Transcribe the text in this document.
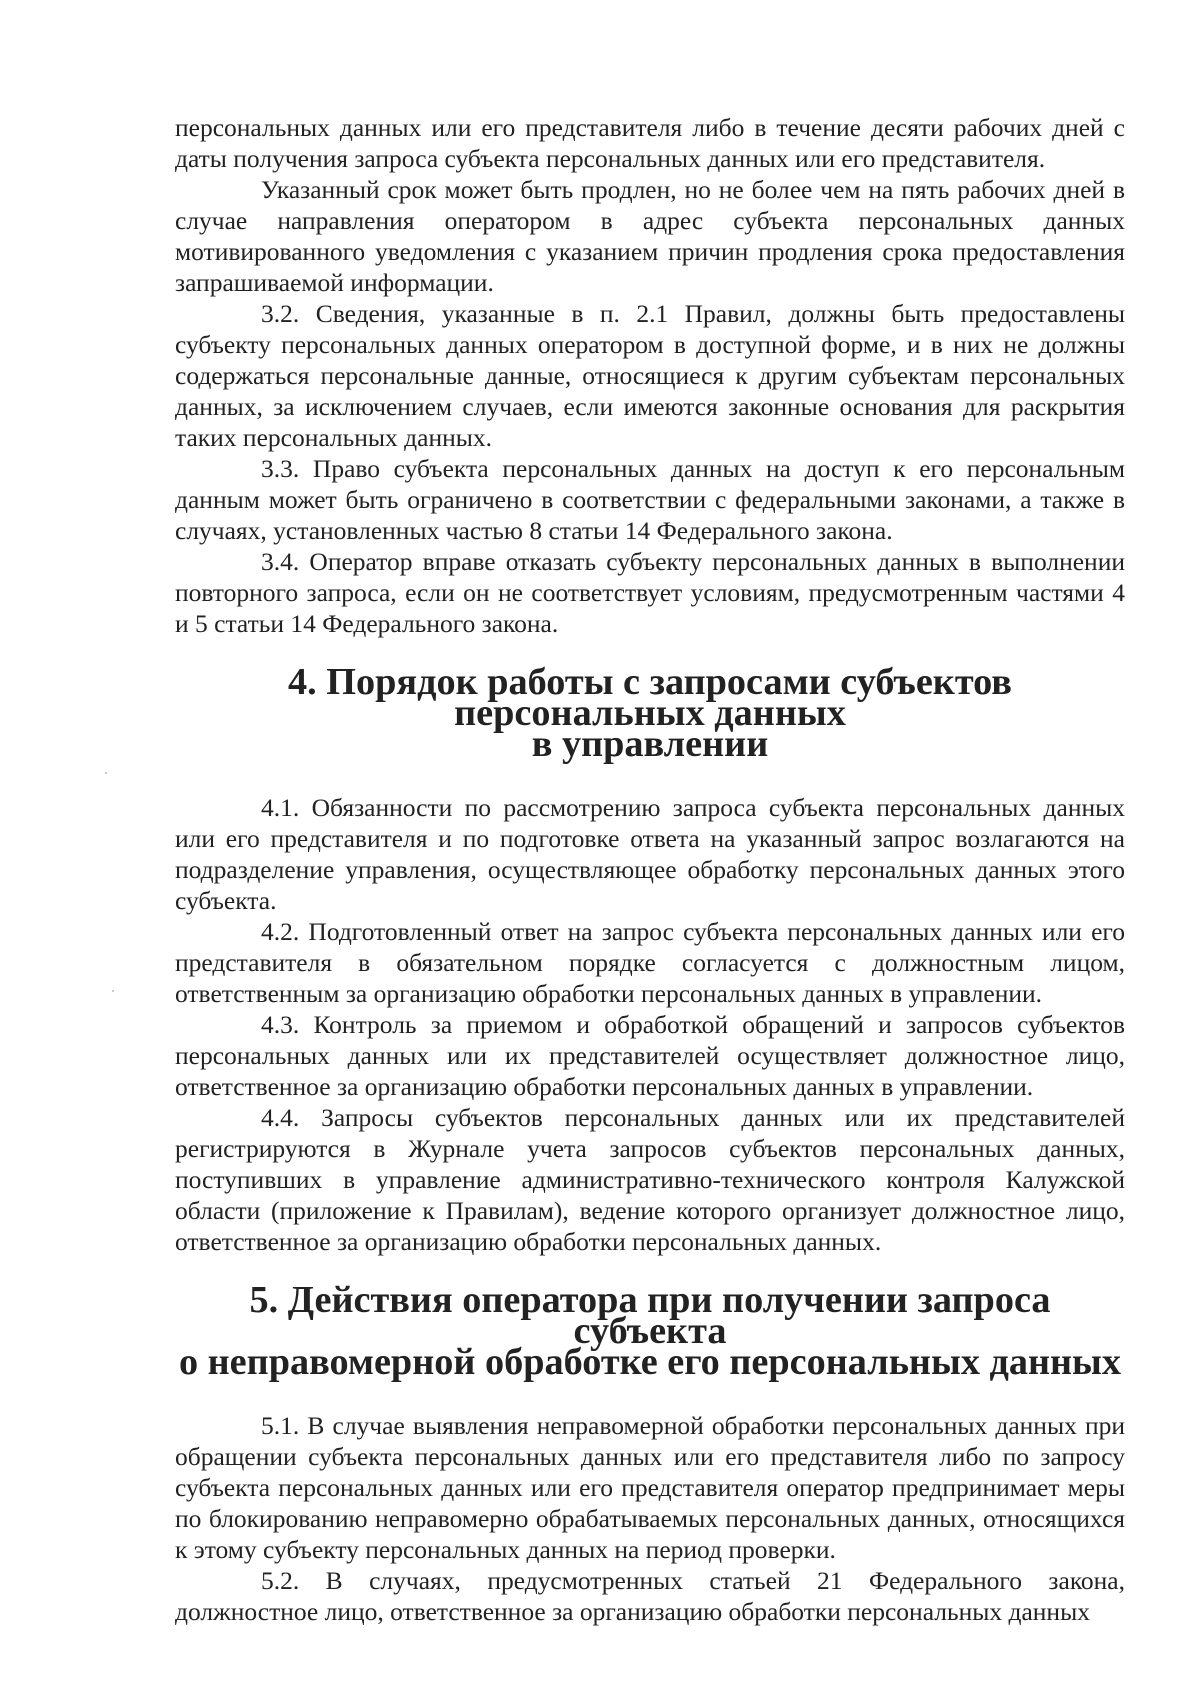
персональных данных или его представителя либо в течение десяти рабочих дней с даты получения запроса субъекта персональных данных или его представителя.

Указанный срок может быть продлен, но не более чем на пять рабочих дней в случае направления оператором в адрес субъекта персональных данных мотивированного уведомления с указанием причин продления срока предоставления запрашиваемой информации.

3.2. Сведения, указанные в п. 2.1 Правил, должны быть предоставлены субъекту персональных данных оператором в доступной форме, и в них не должны содержаться персональные данные, относящиеся к другим субъектам персональных данных, за исключением случаев, если имеются законные основания для раскрытия таких персональных данных.

3.3. Право субъекта персональных данных на доступ к его персональным данным может быть ограничено в соответствии с федеральными законами, а также в случаях, установленных частью 8 статьи 14 Федерального закона.

3.4. Оператор вправе отказать субъекту персональных данных в выполнении повторного запроса, если он не соответствует условиям, предусмотренным частями 4 и 5 статьи 14 Федерального закона.

4. Порядок работы с запросами субъектов персональных данных
в управлении

4.1. Обязанности по рассмотрению запроса субъекта персональных данных или его представителя и по подготовке ответа на указанный запрос возлагаются на подразделение управления, осуществляющее обработку персональных данных этого субъекта.

4.2. Подготовленный ответ на запрос субъекта персональных данных или его представителя в обязательном порядке согласуется с должностным лицом, ответственным за организацию обработки персональных данных в управлении.

4.3. Контроль за приемом и обработкой обращений и запросов субъектов персональных данных или их представителей осуществляет должностное лицо, ответственное за организацию обработки персональных данных в управлении.

4.4. Запросы субъектов персональных данных или их представителей регистрируются в Журнале учета запросов субъектов персональных данных, поступивших в управление административно-технического контроля Калужской области (приложение к Правилам), ведение которого организует должностное лицо, ответственное за организацию обработки персональных данных.

5. Действия оператора при получении запроса субъекта
о неправомерной обработке его персональных данных

5.1. В случае выявления неправомерной обработки персональных данных при обращении субъекта персональных данных или его представителя либо по запросу субъекта персональных данных или его представителя оператор предпринимает меры по блокированию неправомерно обрабатываемых персональных данных, относящихся к этому субъекту персональных данных на период проверки.

5.2. В случаях, предусмотренных статьей 21 Федерального закона, должностное лицо, ответственное за организацию обработки персональных данных
